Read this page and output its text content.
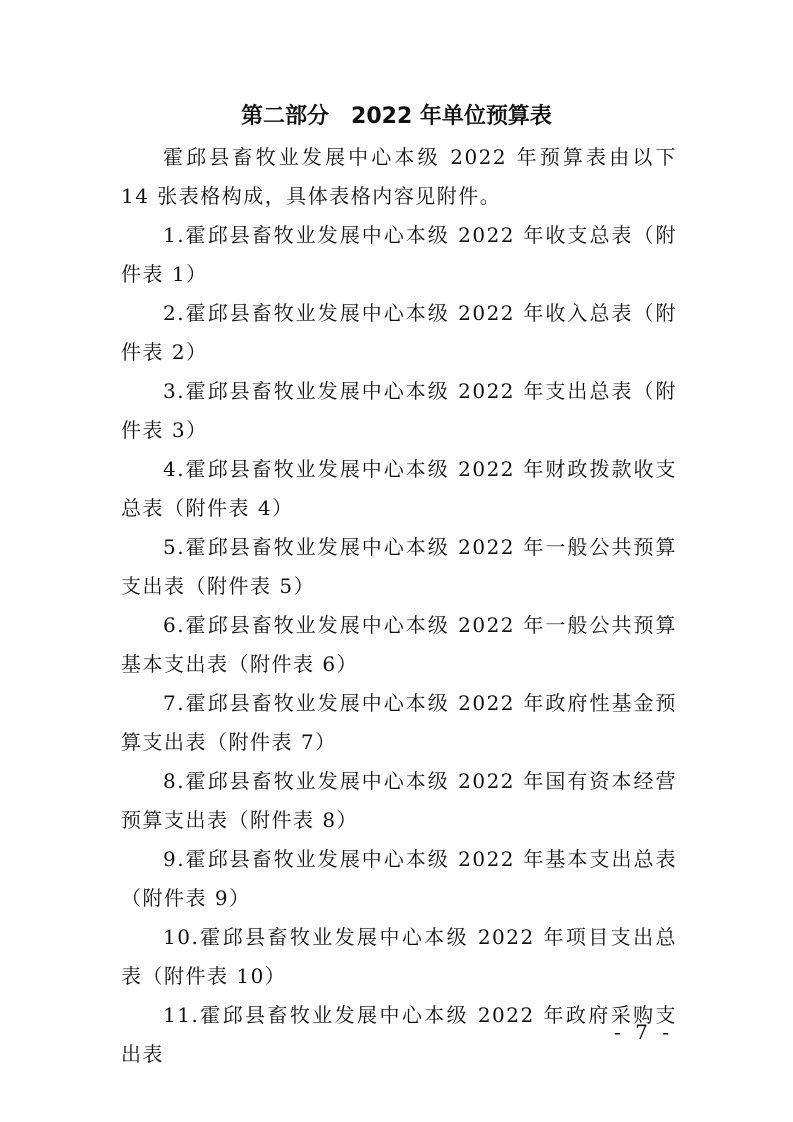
第二部分　2022 年单位预算表

霍邱县畜牧业发展中心本级 2022 年预算表由以下 14 张表格构成，具体表格内容见附件。

1.霍邱县畜牧业发展中心本级 2022 年收支总表（附件表 1）

2.霍邱县畜牧业发展中心本级 2022 年收入总表（附件表 2）

3.霍邱县畜牧业发展中心本级 2022 年支出总表（附件表 3）

4.霍邱县畜牧业发展中心本级 2022 年财政拨款收支总表（附件表 4）

5.霍邱县畜牧业发展中心本级 2022 年一般公共预算支出表（附件表 5）

6.霍邱县畜牧业发展中心本级 2022 年一般公共预算基本支出表（附件表 6）

7.霍邱县畜牧业发展中心本级 2022 年政府性基金预算支出表（附件表 7）

8.霍邱县畜牧业发展中心本级 2022 年国有资本经营预算支出表（附件表 8）

9.霍邱县畜牧业发展中心本级 2022 年基本支出总表（附件表 9）

10.霍邱县畜牧业发展中心本级 2022 年项目支出总表（附件表 10）

11.霍邱县畜牧业发展中心本级 2022 年政府采购支出表

- 7 -
